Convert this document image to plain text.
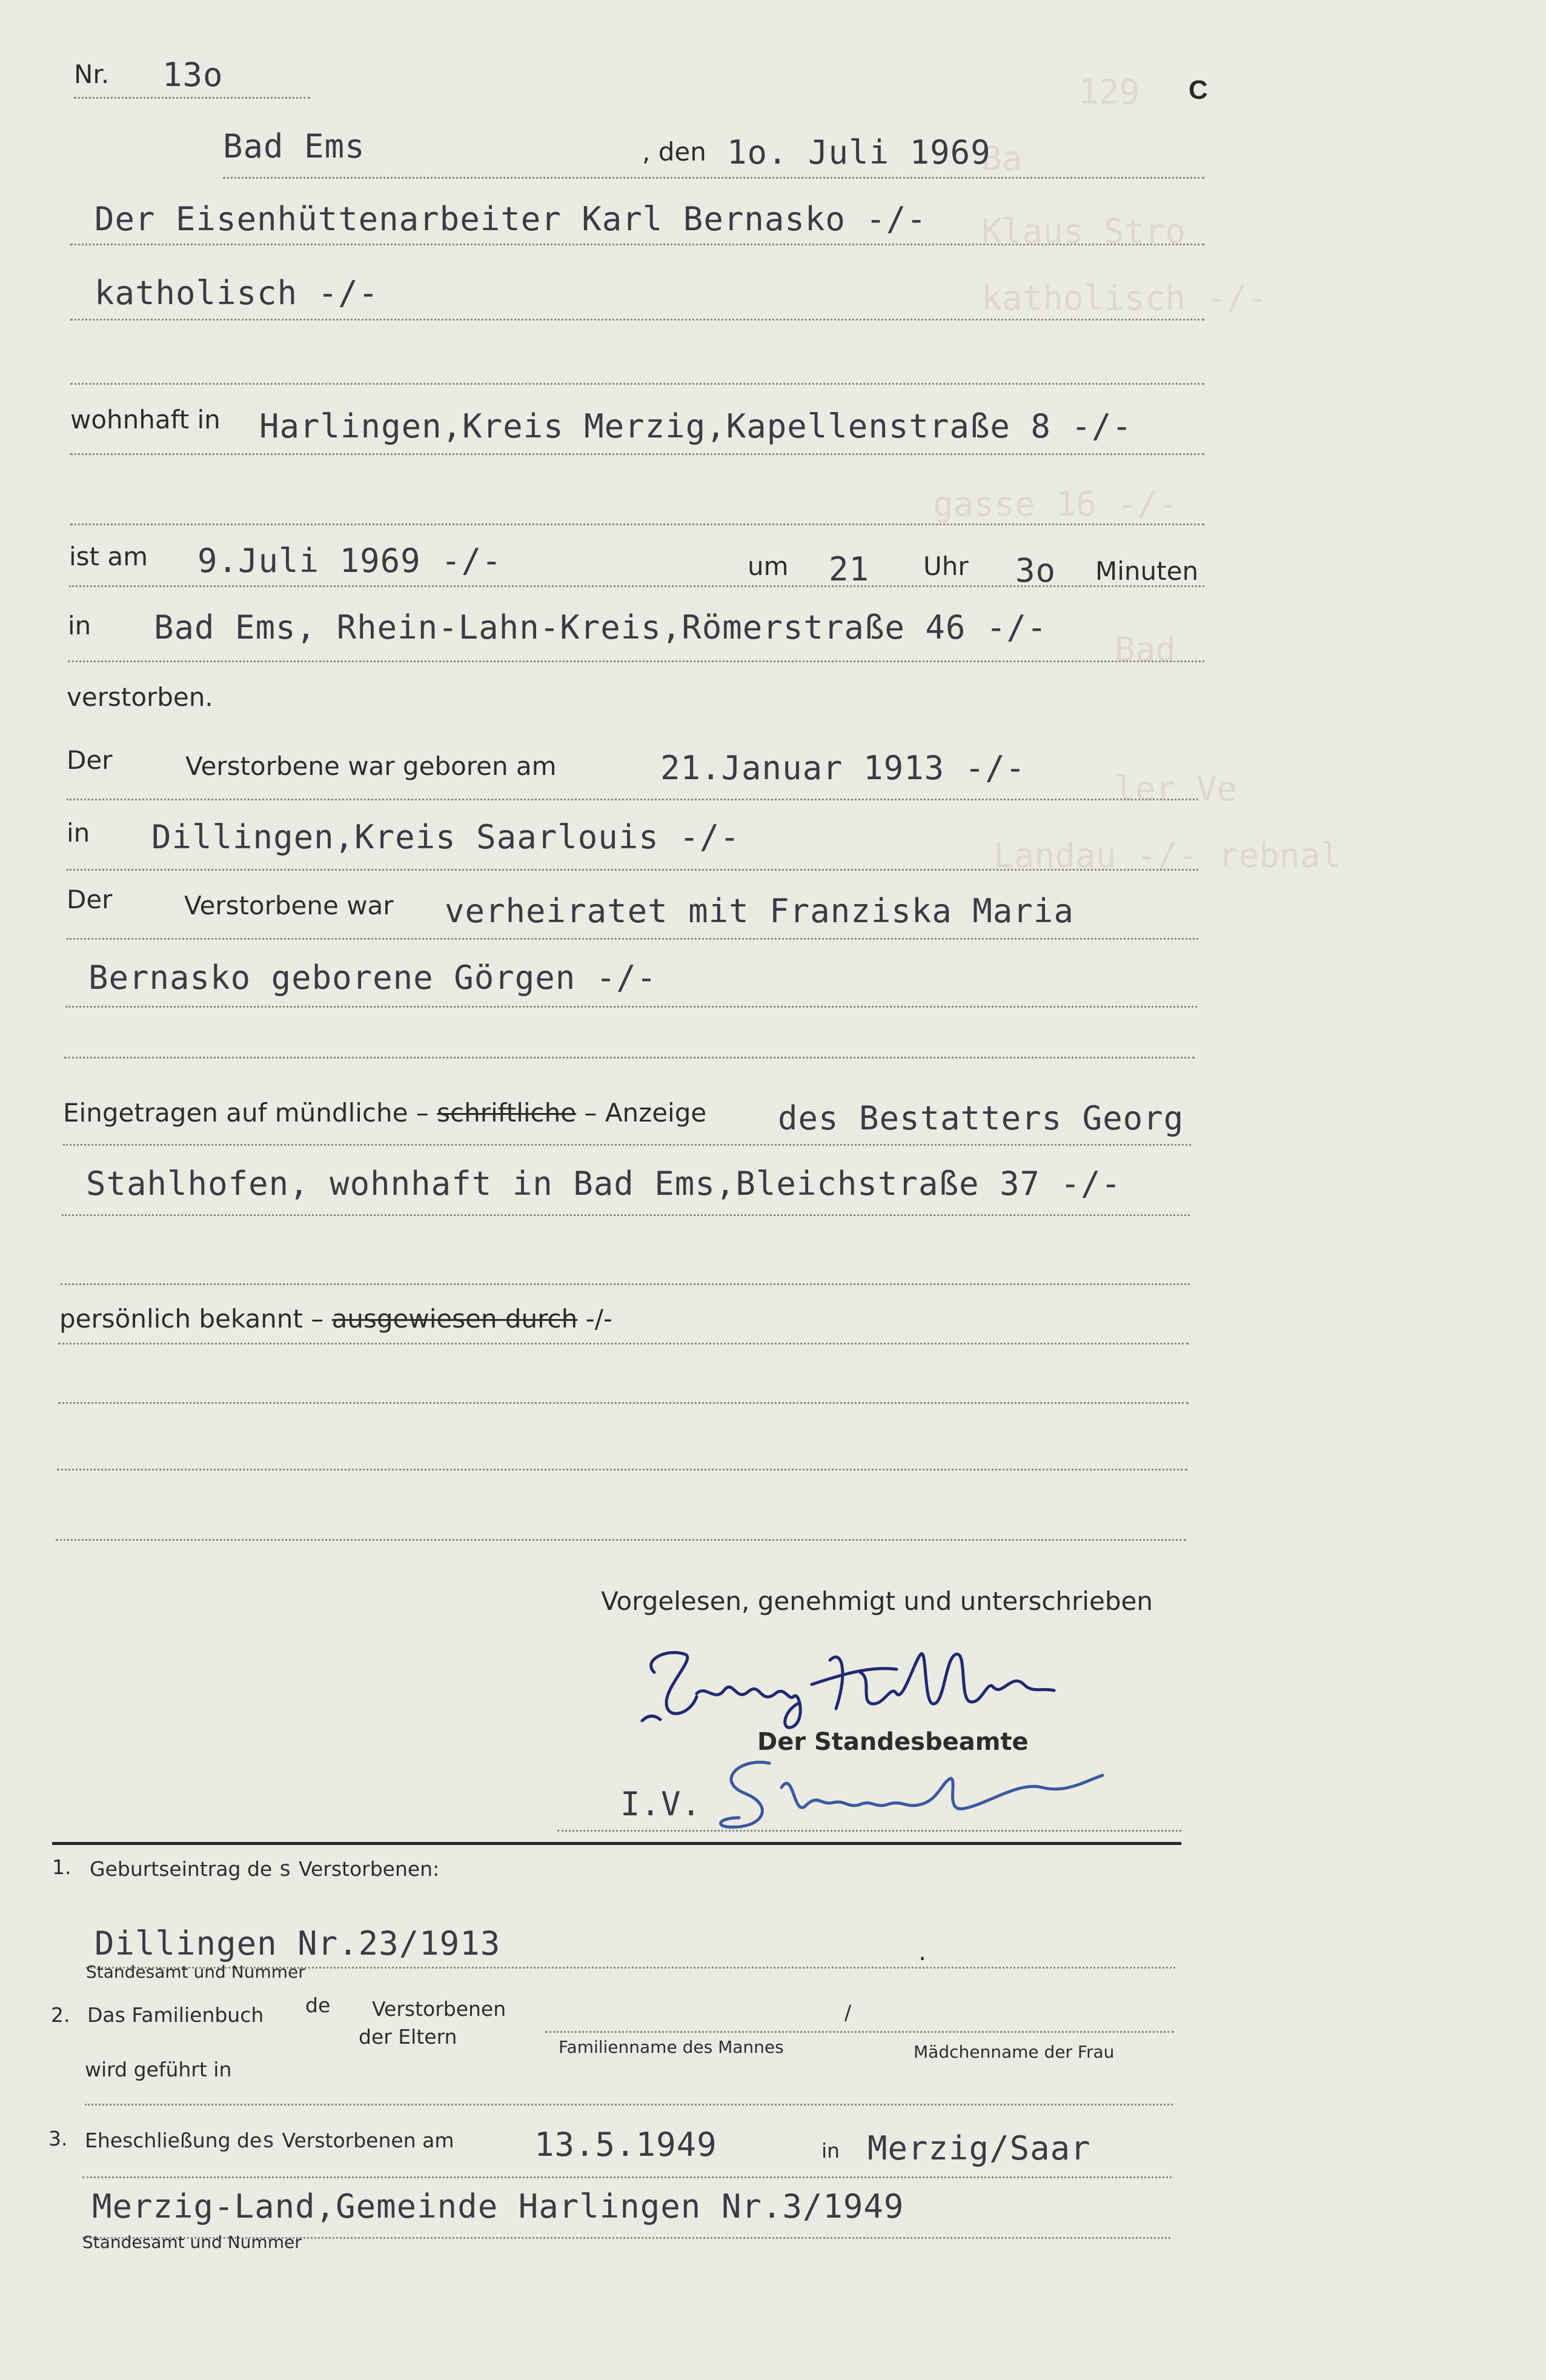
129
Ba
Klaus Stro
katholisch -/-
gasse 16 -/-
Bad
ler Ve
Landau -/- rebnal
Nr. 13o	C
Bad Ems	, den 1o. Juli 1969
Der Eisenhüttenarbeiter Karl Bernasko -/-
katholisch -/-
wohnhaft in Harlingen,Kreis Merzig,Kapellenstraße 8 -/-
ist am 9.Juli 1969 -/-	um 21 Uhr 3o Minuten
in Bad Ems, Rhein-Lahn-Kreis,Römerstraße 46 -/-
verstorben.
Der	Verstorbene war geboren am	21.Januar 1913 -/-
in Dillingen,Kreis Saarlouis -/-
Der	Verstorbene war verheiratet mit Franziska Maria
Bernasko geborene Görgen -/-
Eingetragen auf mündliche – schriftliche – Anzeige des Bestatters Georg
Stahlhofen, wohnhaft in Bad Ems,Bleichstraße 37 -/-
persönlich bekannt – ausgewiesen durch -/-
Vorgelesen, genehmigt und unterschrieben
Der Standesbeamte
I.V.
1. Geburtseintrag de s Verstorbenen:
Dillingen Nr.23/1913	.
Standesamt und Nummer
2. Das Familienbuch de Verstorbenen
der Eltern
/
Familienname des Mannes	Mädchenname der Frau
wird geführt in
3. Eheschließung des Verstorbenen am 13.5.1949	in Merzig/Saar
Merzig-Land,Gemeinde Harlingen Nr.3/1949
Standesamt und Nummer
